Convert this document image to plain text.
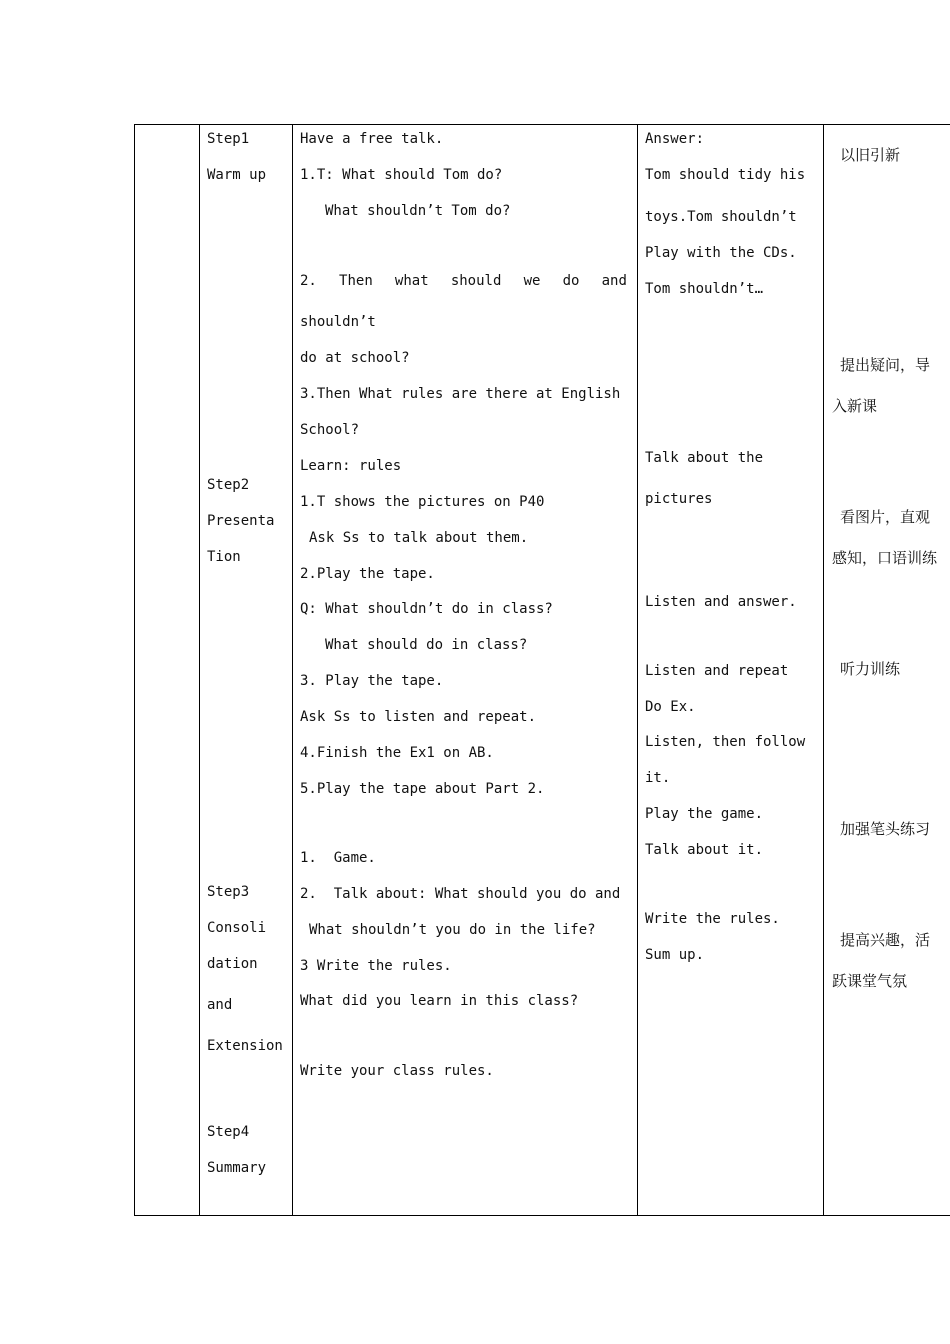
Step1

Warm up

Step2

Presenta

Tion

Step3

Consoli

dation

and

Extension

Step4

Summary

Have a free talk.

1.T: What should Tom do?

What shouldn’t Tom do?

2. Then what should we do and

shouldn’t

do at school?

3.Then What rules are there at English

School?

Learn: rules

1.T shows the pictures on P40

Ask Ss to talk about them.

2.Play the tape.

Q: What shouldn’t do in class?

What should do in class?

3. Play the tape.

Ask Ss to listen and repeat.

4.Finish the Ex1 on AB.

5.Play the tape about Part 2.

1.  Game.

2.  Talk about: What should you do and

What shouldn’t you do in the life?

3 Write the rules.

What did you learn in this class?

Write your class rules.

Answer:

Tom should tidy his

toys.Tom shouldn’t

Play with the CDs.

Tom shouldn’t…

Talk about the

pictures

Listen and answer.

Listen and repeat

Do Ex.

Listen, then follow

it.

Play the game.

Talk about it.

Write the rules.

Sum up.

以旧引新

提出疑问，导

入新课

看图片，直观

感知，口语训练

听力训练

加强笔头练习

提高兴趣，活

跃课堂气氛
